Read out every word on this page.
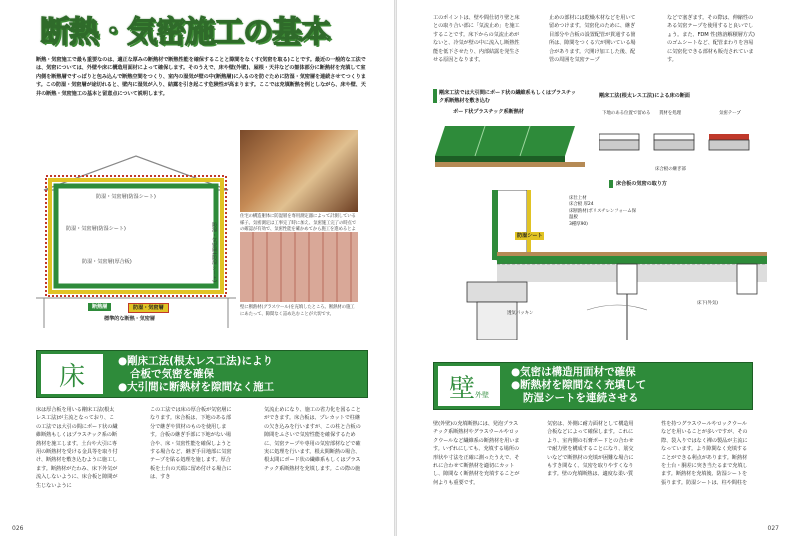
断熱・気密施工の基本
断熱・気密施工で最も重要なのは、適正な厚みの断熱材で断熱性能を確保することと隙間をなくす(気密を取る)ことです。最近の一般的な工法では、気密については、外壁や床に構造用面材によって確保します。そのうえで、床や壁(外壁)、屋根・天井などの躯体部分に断熱材を充填して室内側を断熱層ですっぽりと包み込んで断熱空間をつくり、室内の湿気が壁の中(断熱層)に入るのを防ぐために防湿・気密層を連続させてつくります。この防湿・気密層が途切れると、壁内に湿気が入り、結露を引き起こす危険性が高まります。ここでは充填断熱を例としながら、床や壁、天井の断熱・気密施工の基本と留意点について説明します。
防湿・気密層(防湿シート)
防湿・気密層(防湿シート)
防湿・気密層(厚合板)	防湿・気密層(防湿シート)
断熱層	防湿・気密層
標準的な断熱・気密層
住宅の構造躯体に防湿層を専用測定器によって計測している様子。気密測定は工事完了時に加え、気密施工完了の時点での確認が有効で、気密性能を確かめてから施工を進めるとよ
壁に断熱材(グラスウール)を充填したところ。断熱材の施工にあたって、隙間なく詰め込むことが大切です。
床
●剛床工法(根太レス工法)により
合板で気密を確保
●大引間に断熱材を隙間なく施工
床は厚合板を用いる剛床工法(根太レス工法)が主流となっており、この工法では大引の間にボード状の繊維断熱もしくはプラスチック系の断熱材を施工します。土台や大引に専用の断熱材を受ける金具等を取り付け、断熱材を敷き込むように施工します。断熱材がたわみ、床下外気が流入しないように、床合板と隙間が生じないように
この工法では床の厚合板が気密層になります。床合板は、下地のある部分で継ぎや貫材のものを使用します。合板の継ぎ手部に下地がない場合や、床・気密性能を確保しようとする場合など、継ぎ手目地部に気密テープを貼る処理を施します。厚合板を土台の天端に留め付ける場合には、すき
気流止めになり、施工の省力化を図ることができます。床合板は、プレカットで柱継の欠き込みを行いますが、この柱と合板の隙間をふさいで気密性能を確保するために、気密テープや専用の気密部材などで確実に処理を行います。根太間断熱の場合、根太間にボード状の繊維系もしくはプラスチック系断熱材を充填します。この際の施
026
工のポイントは、壁や間仕切り壁と床との取り合い部に「気流止め」を施工することです。床下からの気流止めがないと、冷気が壁の中に流入し断熱性能を低下させたり、内部結露を発生させる原因となります。
止めの部材には乾燥木材などを用いて留めつけます。気密化のために、継ぎ目部分や合板の設置配管が貫通する箇所は、隙間をつくる穴が開いている場合があります。穴開け加工した後、配管の周囲を気密テープ
などで塞ぎます。その際は、伸縮性のある気密テープを使用すると良いでしょう。また、FDM 性(熱溶解積層方式)のゴムシートなど、配管まわりを容易に気密化できる部材も販売されています。
剛床工法では大引間にボード状の繊維系もしくはプラスチック系断熱材を敷き込む
ボード状プラスチック系断熱材
剛床工法(根太レス工法)による床の断面
下地のある位置で留める 貫材を処理	気密テープ
床合板の継ぎ部
床合板の気密の取り方
床仕上材
床合板 厚24
床断熱材(ポリスチレンフォーム保温板
3種厚90)
防湿シート
床下(外気)
透気パッキン
壁 外壁
●気密は構造用面材で確保
●断熱材を隙間なく充填して
防湿シートを連続させる
壁(外壁)の充填断熱には、発泡プラスチック系断熱材やグラスウールやロックウールなど繊維系の断熱材を用います。いずれにしても、充填する場所の形状や寸法を正確に測ったうえで、それに合わせて断熱材を適切にカットし、隙間なく断熱材を充填することが何よりも重要です。
気密は、外側に耐力面材として構造用合板などによって確保します。これにより、室内側の石膏ボードとの合わせで耐力壁を構成することになり、筋交いなどで断熱材の充填が困難な場合にもすき間なく、気密を取りやすくなります。壁の充填断熱は、適度な柔い質
性を持つグラスウールやロックウールなどを用いることが多いですが、その際、袋入りではなく裸の製品が主流になっています。より隙間なく充填することができる利点があります。断熱材を土台・胴差に突き当たるまで充填します。断熱材を充填後、防湿シートを張ります。防湿シートは、柱や間柱を
027
